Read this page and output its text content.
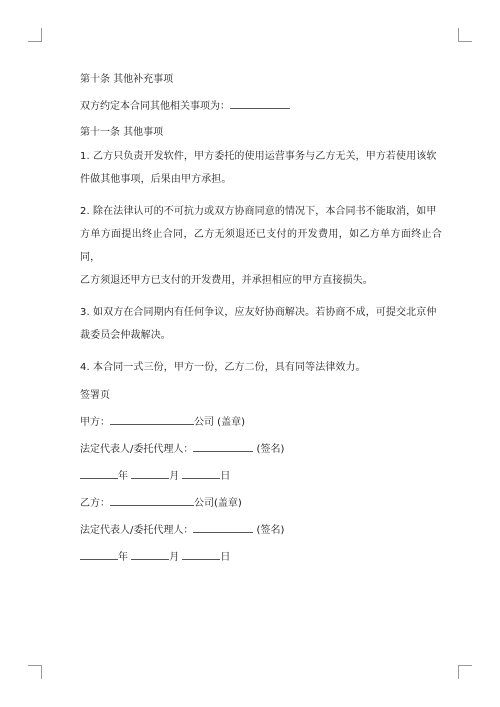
第十条 其他补充事项

双方约定本合同其他相关事项为：

第十一条 其他事项

1. 乙方只负责开发软件，甲方委托的使用运营事务与乙方无关，甲方若使用该软

件做其他事项，后果由甲方承担。

2. 除在法律认可的不可抗力或双方协商同意的情况下，本合同书不能取消，如甲

方单方面提出终止合同，乙方无须退还已支付的开发费用，如乙方单方面终止合同，

乙方须退还甲方已支付的开发费用，并承担相应的甲方直接损失。

3. 如双方在合同期内有任何争议，应友好协商解决。若协商不成，可提交北京仲

裁委员会仲裁解决。

4. 本合同一式三份，甲方一份，乙方二份，具有同等法律效力。

签署页

甲方：	公司 (盖章)

法定代表人/委托代理人：	(签名)

年	月	日

乙方：	公司(盖章)

法定代表人/委托代理人：	(签名)

年	月	日
